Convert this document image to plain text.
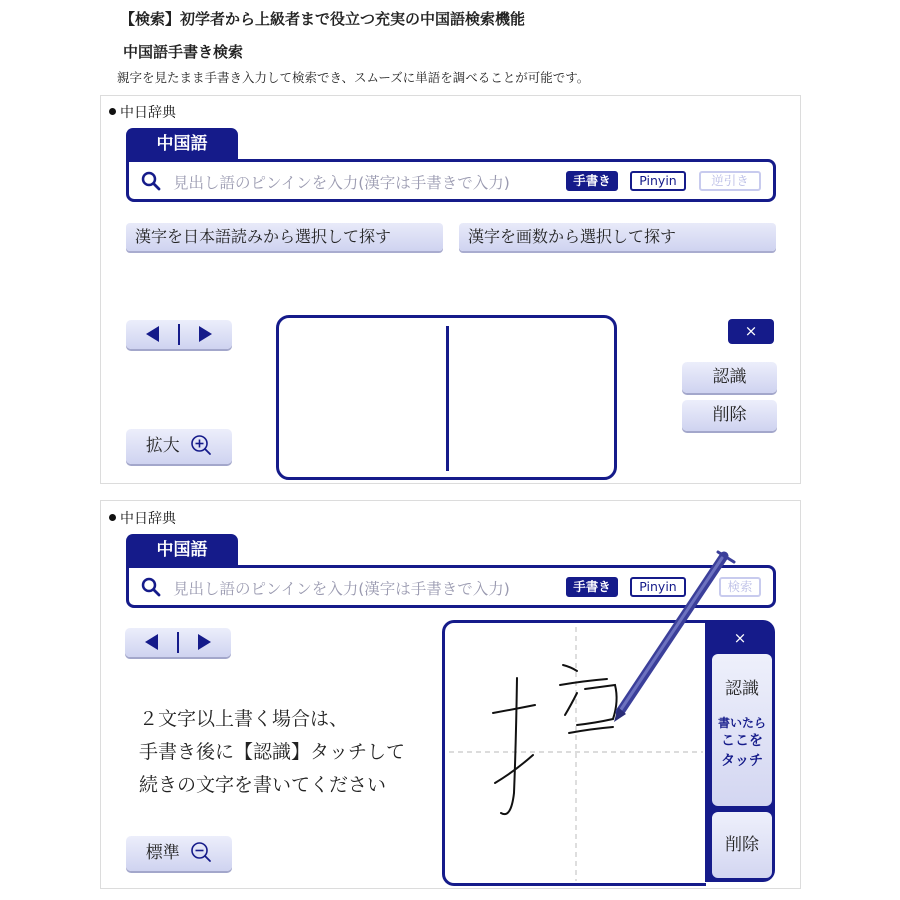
【検索】初学者から上級者まで役立つ充実の中国語検索機能
中国語手書き検索
親字を見たまま手書き入力して検索でき、スムーズに単語を調べることが可能です。
中日辞典
中国語
見出し語のピンインを入力(漢字は手書きで入力)	手書き	Pinyin	逆引き
漢字を日本語読みから選択して探す	漢字を画数から選択して探す
拡大
×
認識
削除
中日辞典
中国語
見出し語のピンインを入力(漢字は手書きで入力)	手書き	Pinyin	検索
２文字以上書く場合は、
手書き後に【認識】タッチして
続きの文字を書いてください
標準
×
認識
書いたら
ここを
タッチ
削除
